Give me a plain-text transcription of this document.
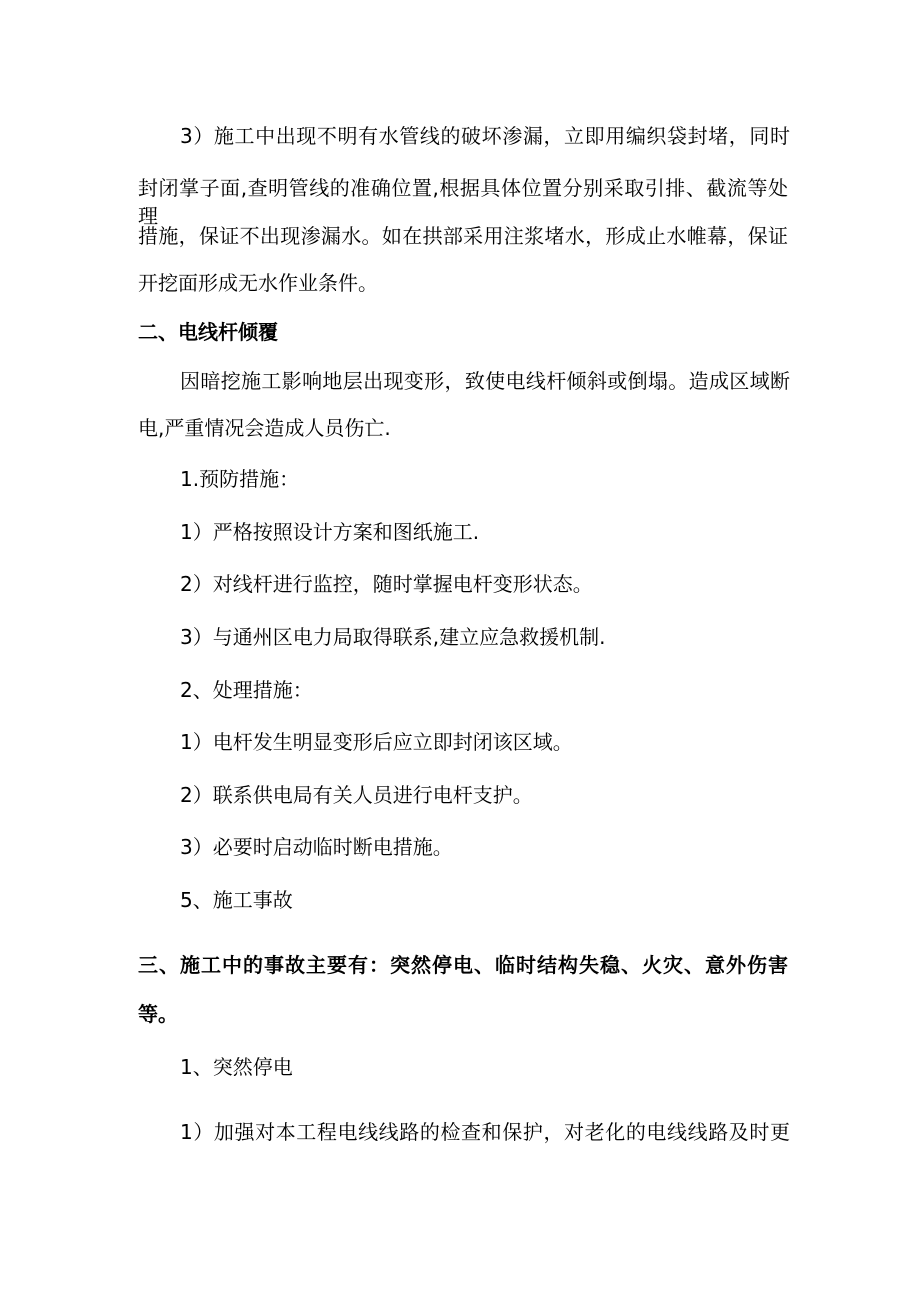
3）施工中出现不明有水管线的破坏渗漏，立即用编织袋封堵，同时
封闭掌子面,查明管线的准确位置,根据具体位置分别采取引排、截流等处理
措施，保证不出现渗漏水。如在拱部采用注浆堵水，形成止水帷幕，保证
开挖面形成无水作业条件。
二、电线杆倾覆
因暗挖施工影响地层出现变形，致使电线杆倾斜或倒塌。造成区域断
电,严重情况会造成人员伤亡.
1.预防措施：
1）严格按照设计方案和图纸施工.
2）对线杆进行监控，随时掌握电杆变形状态。
3）与通州区电力局取得联系,建立应急救援机制.
2、处理措施：
1）电杆发生明显变形后应立即封闭该区域。
2）联系供电局有关人员进行电杆支护。
3）必要时启动临时断电措施。
5、施工事故
三、施工中的事故主要有：突然停电、临时结构失稳、火灾、意外伤害
等。
1、突然停电
1）加强对本工程电线线路的检查和保护，对老化的电线线路及时更
